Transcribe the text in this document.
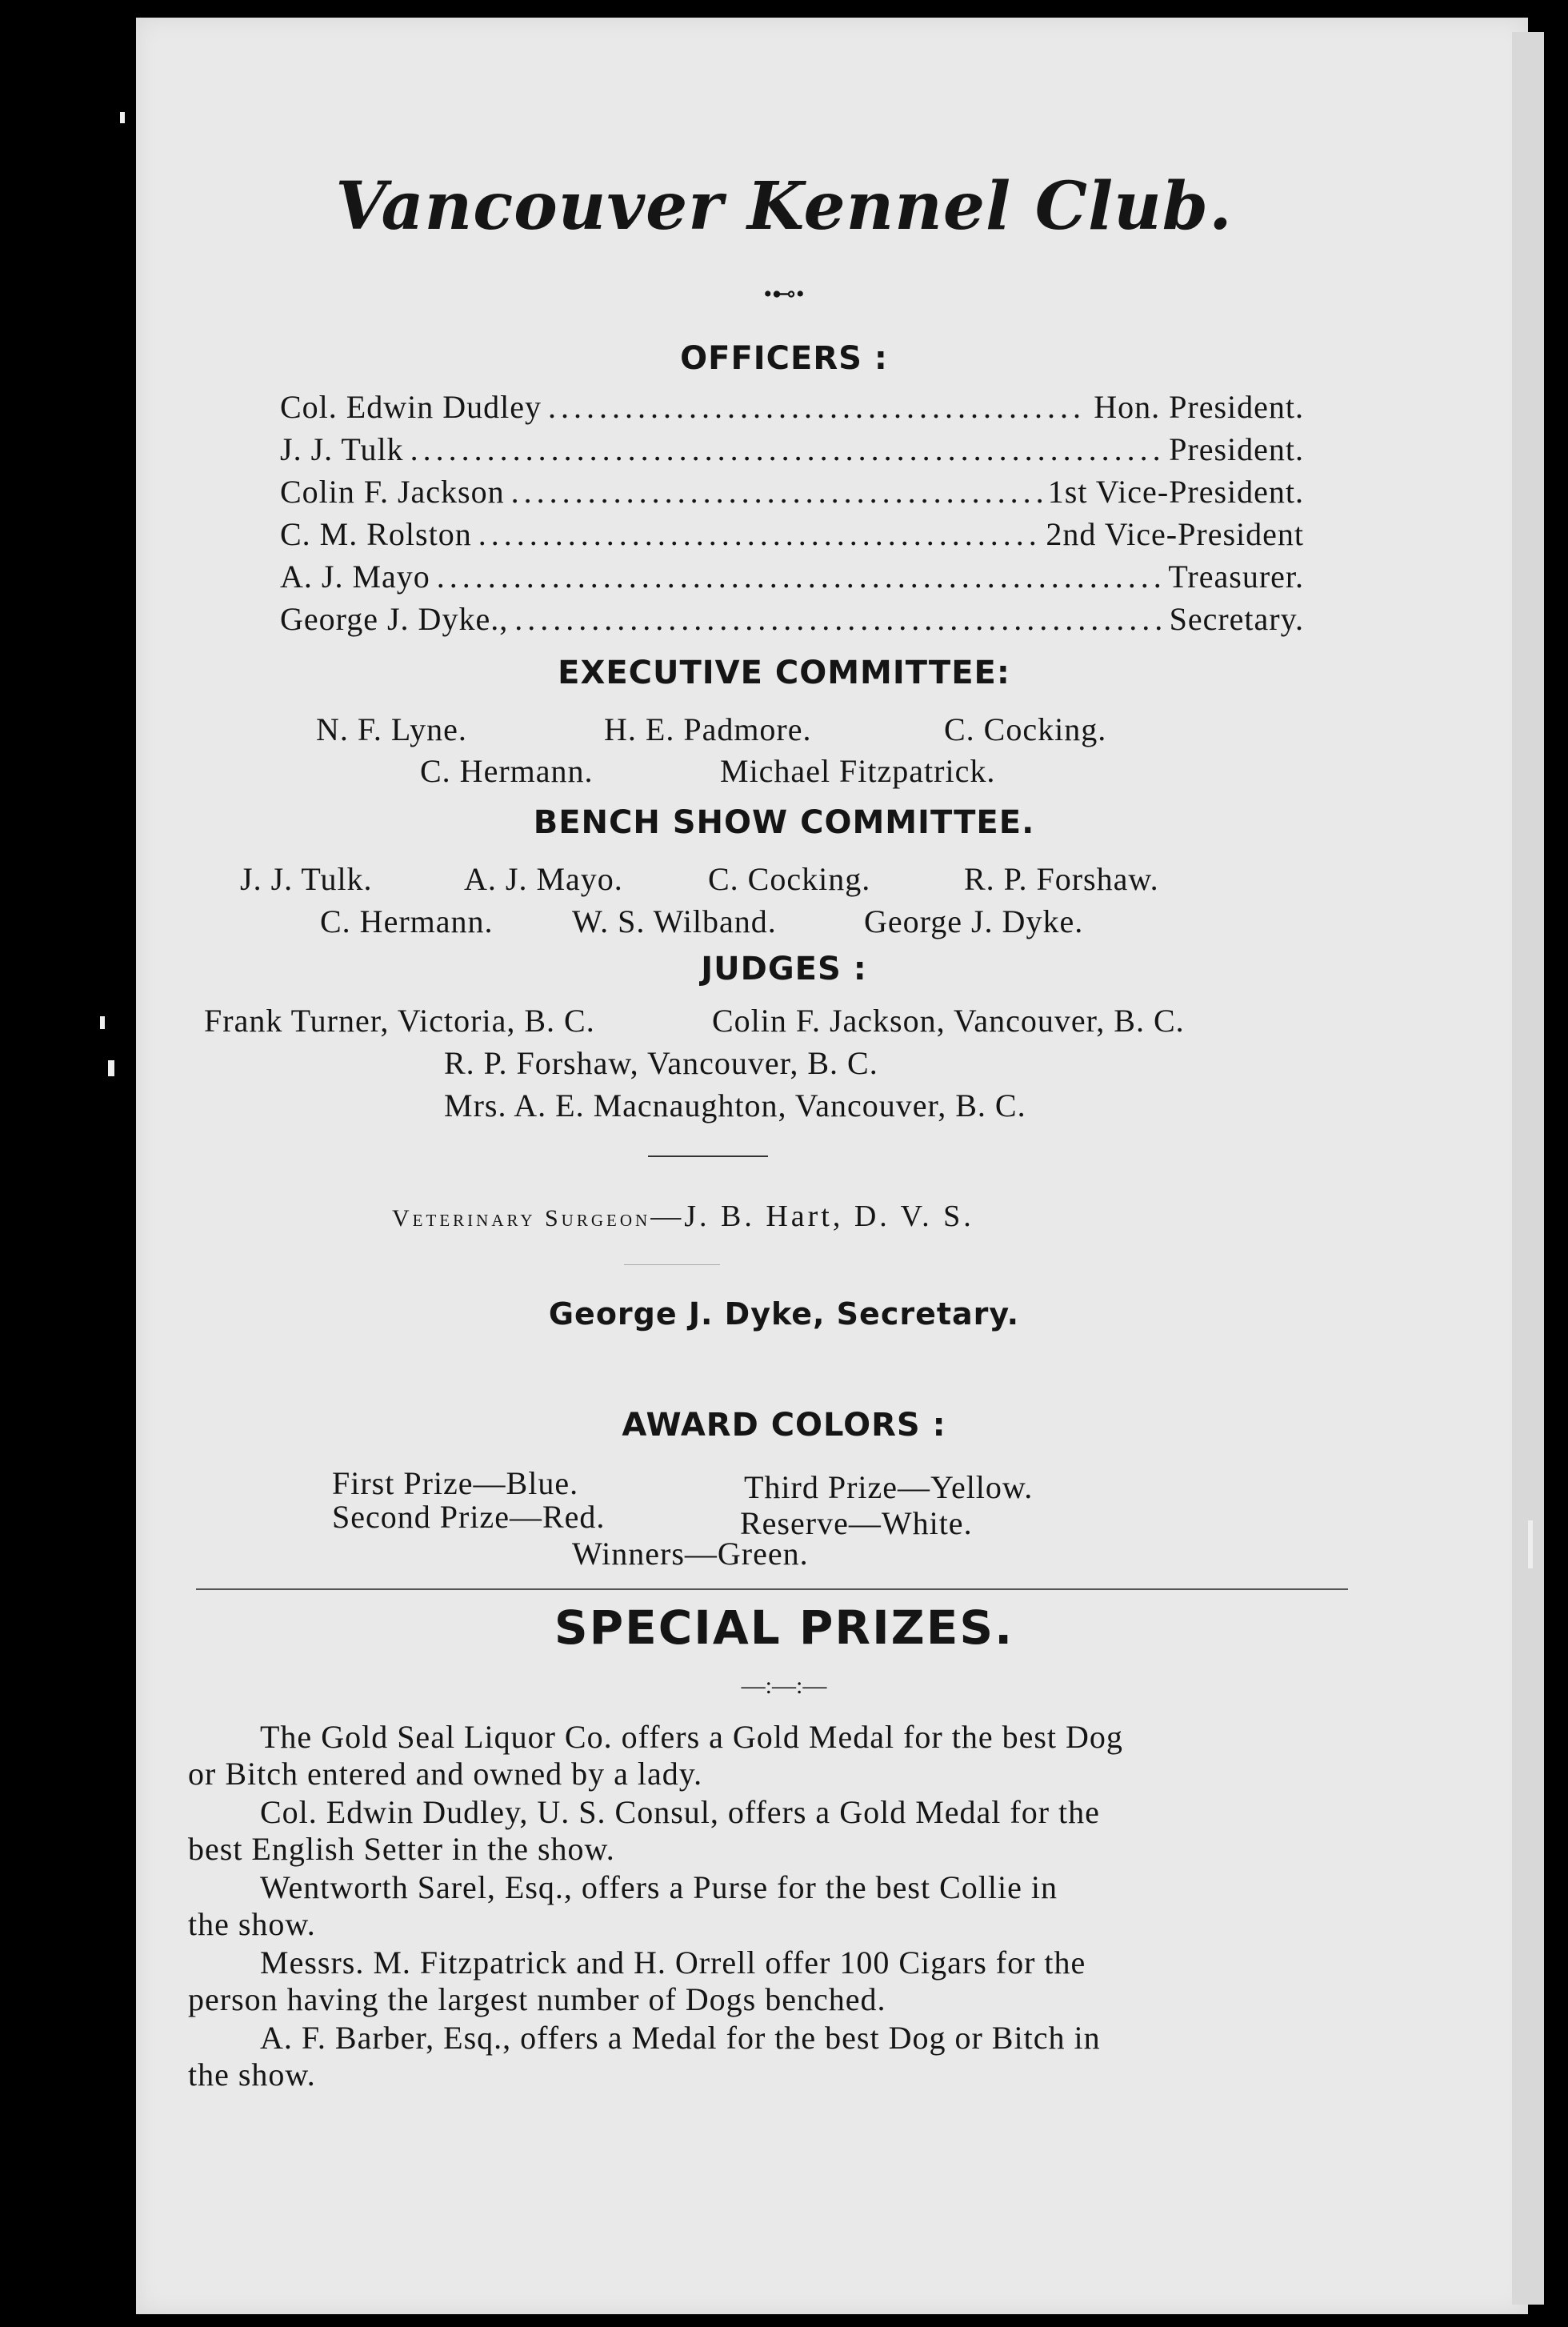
Vancouver Kennel Club.
•⊷•
OFFICERS :
Col. Edwin Dudley .....	Hon. President.
J. J. Tulk .....	President.
Colin F. Jackson .....	1st Vice-President.
C. M. Rolston .....	2nd Vice-President
A. J. Mayo .....	Treasurer.
George J. Dyke., .....	Secretary.
EXECUTIVE COMMITTEE:
N. F. Lyne.	H. E. Padmore.	C. Cocking.
C. Hermann.	Michael Fitzpatrick.
BENCH SHOW COMMITTEE.
J. J. Tulk.	A. J. Mayo.	C. Cocking.	R. P. Forshaw.
C. Hermann. W. S. Wilband.	George J. Dyke.
JUDGES :
Frank Turner, Victoria, B. C.	Colin F. Jackson, Vancouver, B. C.
R. P. Forshaw, Vancouver, B. C.
Mrs. A. E. Macnaughton, Vancouver, B. C.
Veterinary Surgeon—J. B. Hart, D. V. S.
George J. Dyke, Secretary.
AWARD COLORS :
First Prize—Blue.	Third Prize—Yellow.
Second Prize—Red.	Reserve—White.
Winners—Green.
SPECIAL PRIZES.
—:—:—
The Gold Seal Liquor Co. offers a Gold Medal for the best Dog
or Bitch entered and owned by a lady.
Col. Edwin Dudley, U. S. Consul, offers a Gold Medal for the
best English Setter in the show.
Wentworth Sarel, Esq., offers a Purse for the best Collie in
the show.
Messrs. M. Fitzpatrick and H. Orrell offer 100 Cigars for the
person having the largest number of Dogs benched.
A. F. Barber, Esq., offers a Medal for the best Dog or Bitch in
the show.
